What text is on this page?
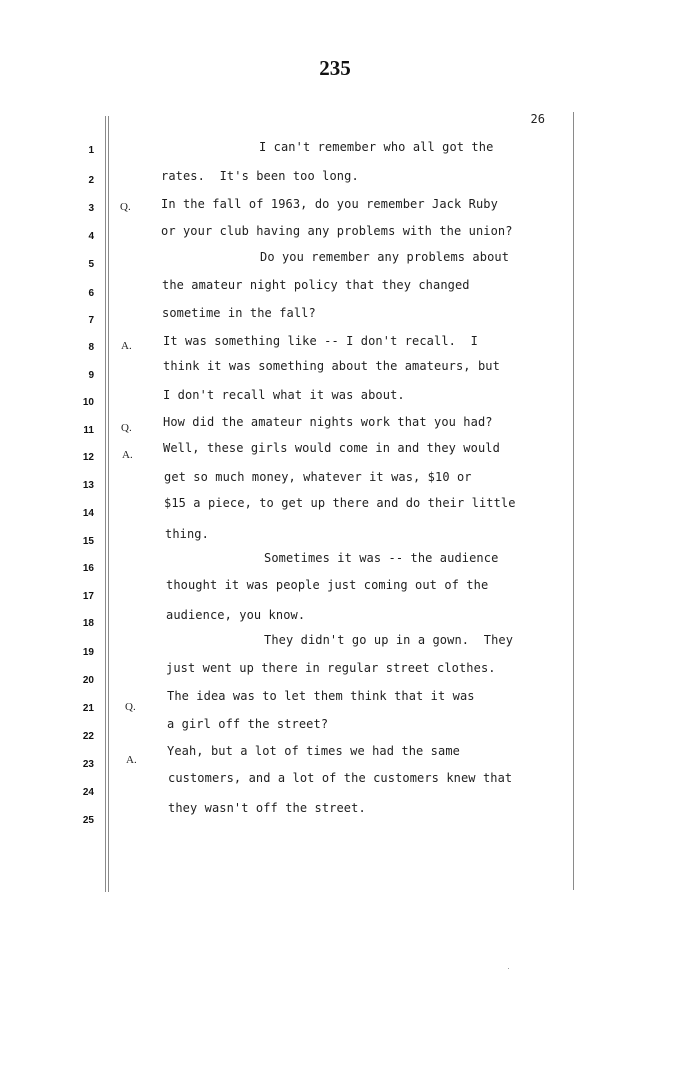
235
26
1
2
3
4
5
6
7
8
9
10
11
12
13
14
15
16
17
18
19
20
21
22
23
24
25
Q.
A.
Q.
A.
Q.
A.
I can't remember who all got the
rates.  It's been too long.
In the fall of 1963, do you remember Jack Ruby
or your club having any problems with the union?
Do you remember any problems about
the amateur night policy that they changed
sometime in the fall?
It was something like -- I don't recall.  I
think it was something about the amateurs, but
I don't recall what it was about.
How did the amateur nights work that you had?
Well, these girls would come in and they would
get so much money, whatever it was, $10 or
$15 a piece, to get up there and do their little
thing.
Sometimes it was -- the audience
thought it was people just coming out of the
audience, you know.
They didn't go up in a gown.  They
just went up there in regular street clothes.
The idea was to let them think that it was
a girl off the street?
Yeah, but a lot of times we had the same
customers, and a lot of the customers knew that
they wasn't off the street.
